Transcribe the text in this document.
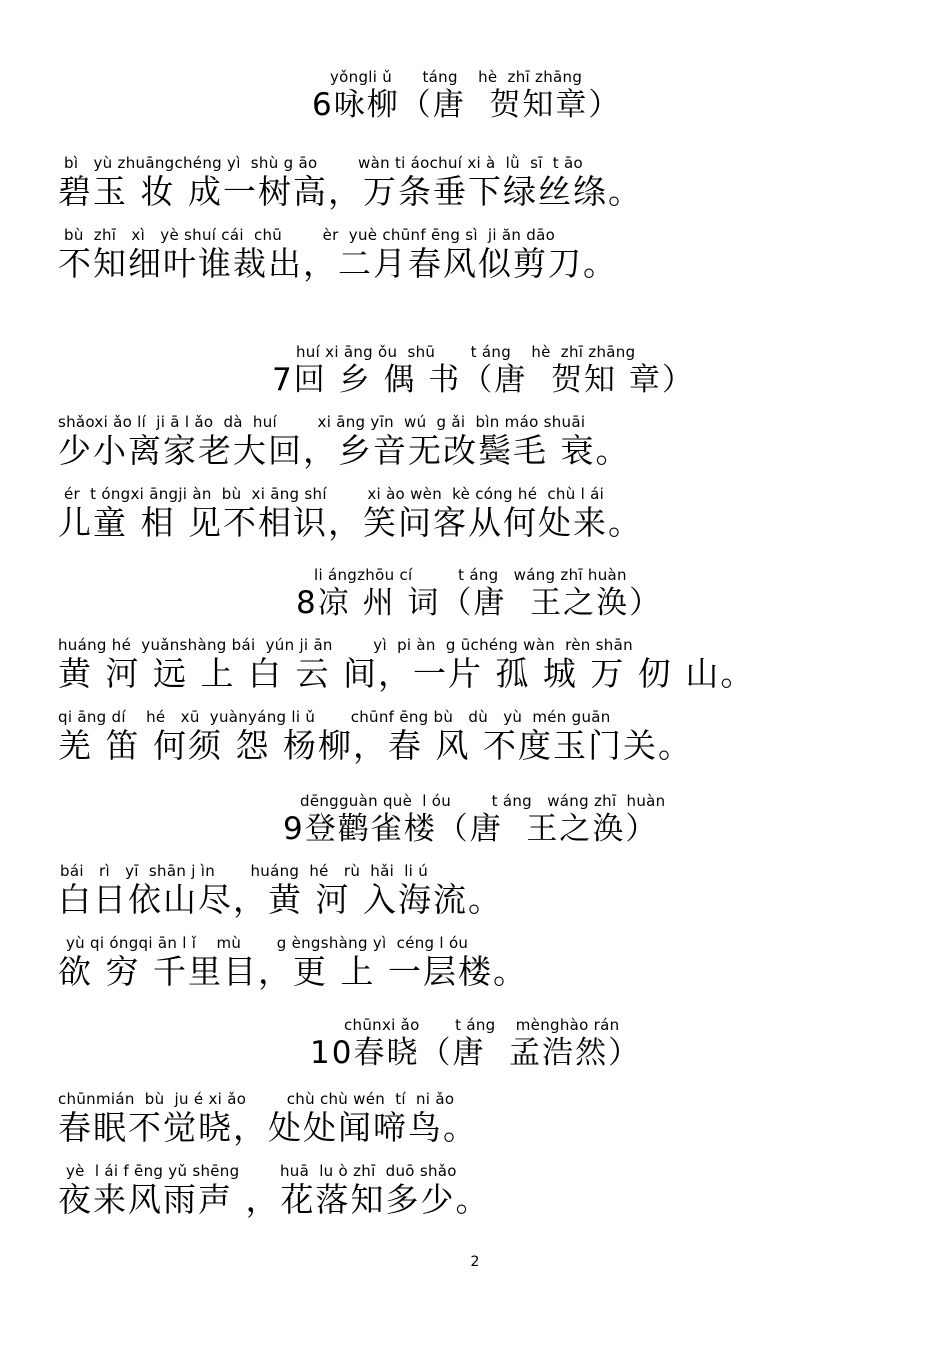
yǒngli ǔ      táng    hè  zhī zhāng
6咏柳（唐  贺知章）
bì   yù zhuāngchéng yì  shù g āo        wàn ti áochuí xi à  lǜ  sī  t āo
碧玉 妆 成一树高，万条垂下绿丝绦。
bù  zhī   xì   yè shuí cái  chū        èr  yuè chūnf ēng sì  ji ăn dāo
不知细叶谁裁出，二月春风似剪刀。
huí xi āng ǒu  shū       t áng    hè  zhī zhāng
7回 乡 偶 书（唐  贺知 章）
shǎoxi ǎo lí  ji ā l ǎo  dà  huí        xi āng yīn  wú  g ǎi  bìn máo shuāi
少小离家老大回，乡音无改鬓毛 衰。
ér  t óngxi āngji àn  bù  xi āng shí        xi ào wèn  kè cóng hé  chù l ái
儿童 相 见不相识，笑问客从何处来。
li ángzhōu cí         t áng   wáng zhī huàn
8凉 州 词（唐  王之涣）
huáng hé  yuǎnshàng bái  yún ji ān        yì  pi àn  g ūchéng wàn  rèn shān
黄 河 远 上 白 云 间，一片 孤 城 万 仞 山。
qi āng dí    hé   xū  yuànyáng li ǔ       chūnf ēng bù   dù   yù  mén guān
羌 笛 何须 怨 杨柳，春 风 不度玉门关。
dēngguàn què  l óu        t áng   wáng zhī  huàn
9登鹳雀楼（唐  王之涣）
bái   rì   yī  shān j ìn       huáng  hé   rù  hǎi  li ú
白日依山尽，黄 河 入海流。
yù qi óngqi ān l ǐ    mù       g èngshàng yì  céng l óu
欲 穷 千里目，更 上 一层楼。
chūnxi ǎo       t áng    mènghào rán
10春晓（唐  孟浩然）
chūnmián  bù  ju é xi ǎo        chù chù wén  tí  ni ǎo
春眠不觉晓，处处闻啼鸟。
yè  l ái f ēng yǔ shēng        huā  lu ò zhī  duō shǎo
夜来风雨声 ，花落知多少。
2
